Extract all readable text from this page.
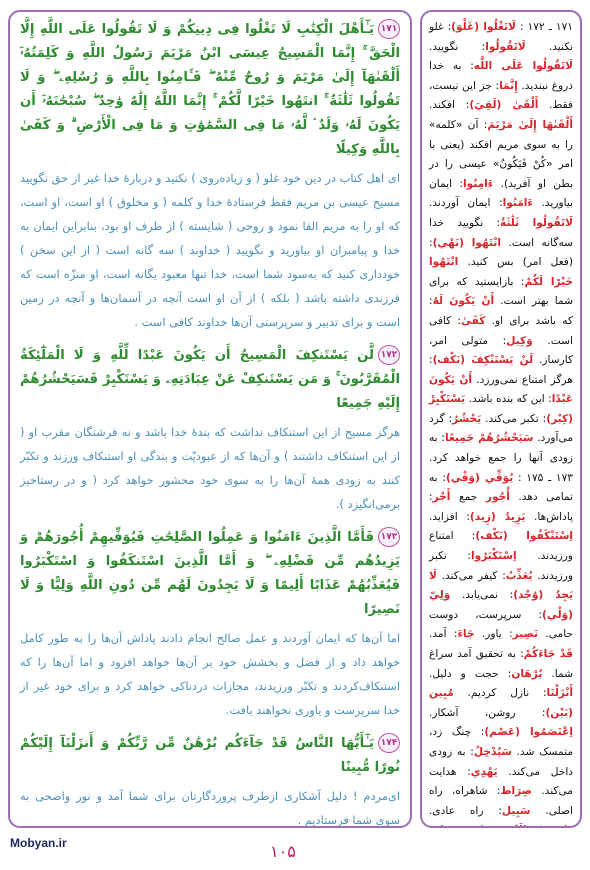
۱۷۱يَـٰٓأَهْلَ الْكِتَٰبِ لَا تَغْلُوا فِى دِينِكُمْ وَ لَا تَقُولُوا عَلَى اللَّهِ إِلَّا الْحَقَّ ۚ إِنَّمَا الْمَسِيحُ عِيسَى ابْنُ مَرْيَمَ رَسُولُ اللَّهِ وَ كَلِمَتُهُۥٓ أَلْقَىٰهَآ إِلَىٰ مَرْيَمَ وَ رُوحٌ مِّنْهُ ۖ فَـَٔامِنُوا بِاللَّهِ وَ رُسُلِهِۦ ۖ وَ لَا تَقُولُوا ثَلَٰثَةٌ ۚ انتَهُوا خَيْرًا لَّكُمْ ۚ إِنَّمَا اللَّهُ إِلَٰهٌ وَٰحِدٌ ۖ سُبْحَٰنَهُۥٓ أَن يَكُونَ لَهُۥ وَلَدٌ ۘ لَّهُۥ مَا فِى السَّمَٰوَٰتِ وَ مَا فِى الْأَرْضِ ۗ وَ كَفَىٰ بِاللَّهِ وَكِيلًا
ای اهل کتاب در دین خود غلو ( و زیاده‌روی ) نکنید و دربارهٔ خدا غیر از حق نگویید مسیح عیسی بن مریم فقط فرستادهٔ خدا و کلمه ( و مخلوق ) او است، او است، که او را به مریم القا نمود و روحی ( شایسته ) از طرف او بود، بنابراین ایمان به خدا و پیامبران او بیاورید و نگویید ( خداوند ) سه گانه است ( از این سخن ) خودداری کنید که به‌سود شما است، خدا تنها معبود یگانه است، او منزّه است که فرزندی داشته باشد ( بلکه ) از آن او است آنچه در آسمان‌ها و آنچه در زمین است و برای تدبیر و سرپرستی آن‌ها خداوند کافی است .
۱۷۲لَّن يَسْتَنكِفَ الْمَسِيحُ أَن يَكُونَ عَبْدًا لِّلَّهِ وَ لَا الْمَلَٰٓئِكَةُ الْمُقَرَّبُونَ ۚ وَ مَن يَسْتَنكِفْ عَنْ عِبَادَتِهِۦ وَ يَسْتَكْبِرْ فَسَيَحْشُرُهُمْ إِلَيْهِ جَمِيعًا
هرگز مسیح از این استنکاف نداشت که بندهٔ خدا باشد و نه فرشتگان مقرب او ( از این استنکاف داشتند ) و آن‌ها که از عبودیّت و بندگی او استنکاف ورزند و تکبّر کنند به زودی همهٔ آن‌ها را به سوی خود محشور خواهد کرد ( و در رستاخیز برمی‌انگیزد ).
۱۷۳فَأَمَّا الَّذِينَ ءَامَنُوا وَ عَمِلُوا الصَّٰلِحَٰتِ فَيُوَفِّيهِمْ أُجُورَهُمْ وَ يَزِيدُهُم مِّن فَضْلِهِۦ ۖ وَ أَمَّا الَّذِينَ اسْتَنكَفُوا وَ اسْتَكْبَرُوا فَيُعَذِّبُهُمْ عَذَابًا أَلِيمًا وَ لَا يَجِدُونَ لَهُم مِّن دُونِ اللَّهِ وَلِيًّا وَ لَا نَصِيرًا
اما آن‌ها که ایمان آوردند و عمل صالح انجام دادند پاداش آن‌ها را به طور کامل خواهد داد و از فضل و بخشش خود بر آن‌ها خواهد افزود و اما آن‌ها را که استنکاف‌کردند و تکبّر ورزیدند، مجازات دردناکی خواهد کرد و برای خود غیر از خدا سرپرست و یاوری نخواهند یافت.
۱۷۴يَـٰٓأَيُّهَا النَّاسُ قَدْ جَآءَكُم بُرْهَٰنٌ مِّن رَّبِّكُمْ وَ أَنزَلْنَآ إِلَيْكُمْ نُورًا مُّبِينًا
ای‌مردم ! دلیل آشکاری ازطرف پروردگارتان برای شما آمد و نور واضحی به سوی شما فرستادیم .
۱۷۱ ـ ۱۷۲ : لَاتَغْلُوا (غَلْوَ): غلو نکنید. لَاتَقُولُوا: نگویید. لَاتَقُولُوا عَلَى اللَّه: به خدا دروغ نبندید. إِنَّمَا: جز این نیست، فقط. أَلْقَىٰ (لَقِيَ): افکند. أَلْقَىٰهَا إِلَىٰ مَرْيَمَ: آن «کلمه» را به سوی مریم افکند (یعنی با امر «کُنْ فَيَكُونُ» عیسی را در بطن او آفرید). ءَامِنُوا: ایمان بیاورید. ءَامَنُوا: ایمان آوردند. لَاتَقُولُوا ثَلَٰثَةٌ: نگویید خدا سه‌گانه است. انْتَهُوا (نَهْي): (فعل امر) بس کنید. انْتَهُوا خَيْرًا لَكُمْ: بازایستید که برای شما بهتر است. أَنْ يَكُونَ لَهُ: که باشد برای او. كَفَىٰ: کافی است. وَكِيل: متولی امر، کارساز. لَنْ يَسْتَنْكِفَ (نَكْف): هرگز امتناع نمی‌ورزد. أَنْ يَكُونَ عَبْدًا: این که بنده باشد. يَسْتَكْبِرْ (كِبْر): تکبر می‌کند. يَحْشُرُ: گرد می‌آورد. سَيَحْشُرُهُمْ جَمِيعًا: به زودی آنها را جمع خواهد کرد. ۱۷۳ ـ ۱۷۵ : يُوَفِّي (وَفْي): به تمامی دهد. أُجُور جمع أَجْر: پاداش‌ها. يَزِيدُ (زِيد): افزاید. اِسْتَنْكَفُوا (نَكْف): امتناع ورزیدند. اِسْتَكْبَرُوا: تکبر ورزیدند. يُعَذِّبُ: کیفر می‌کند. لَا يَجِدُ (وُجْد): نمی‌یابد. وَلِيّ (وَلْي): سرپرست، دوست حامی. نَصِير: یاور. جَاءَ: آمد. قَدْ جَاءَكُمْ: به تحقیق آمد سراغ شما. بُرْهَان: حجت و دلیل. أَنْزَلْنَا: نازل کردیم. مُبِين (بَيْن): روشن، آشکار. اِعْتَصَمُوا (عَصْم): چنگ زد، متمسک شد. سَيُدْخِلُ: به زودی داخل می‌کند. يَهْدِي: هدایت می‌کند. صِرَاط: شاهراه، راه اصلی. سَبِيل: راه عادی.
Mobyan.ir	۱۰۵
